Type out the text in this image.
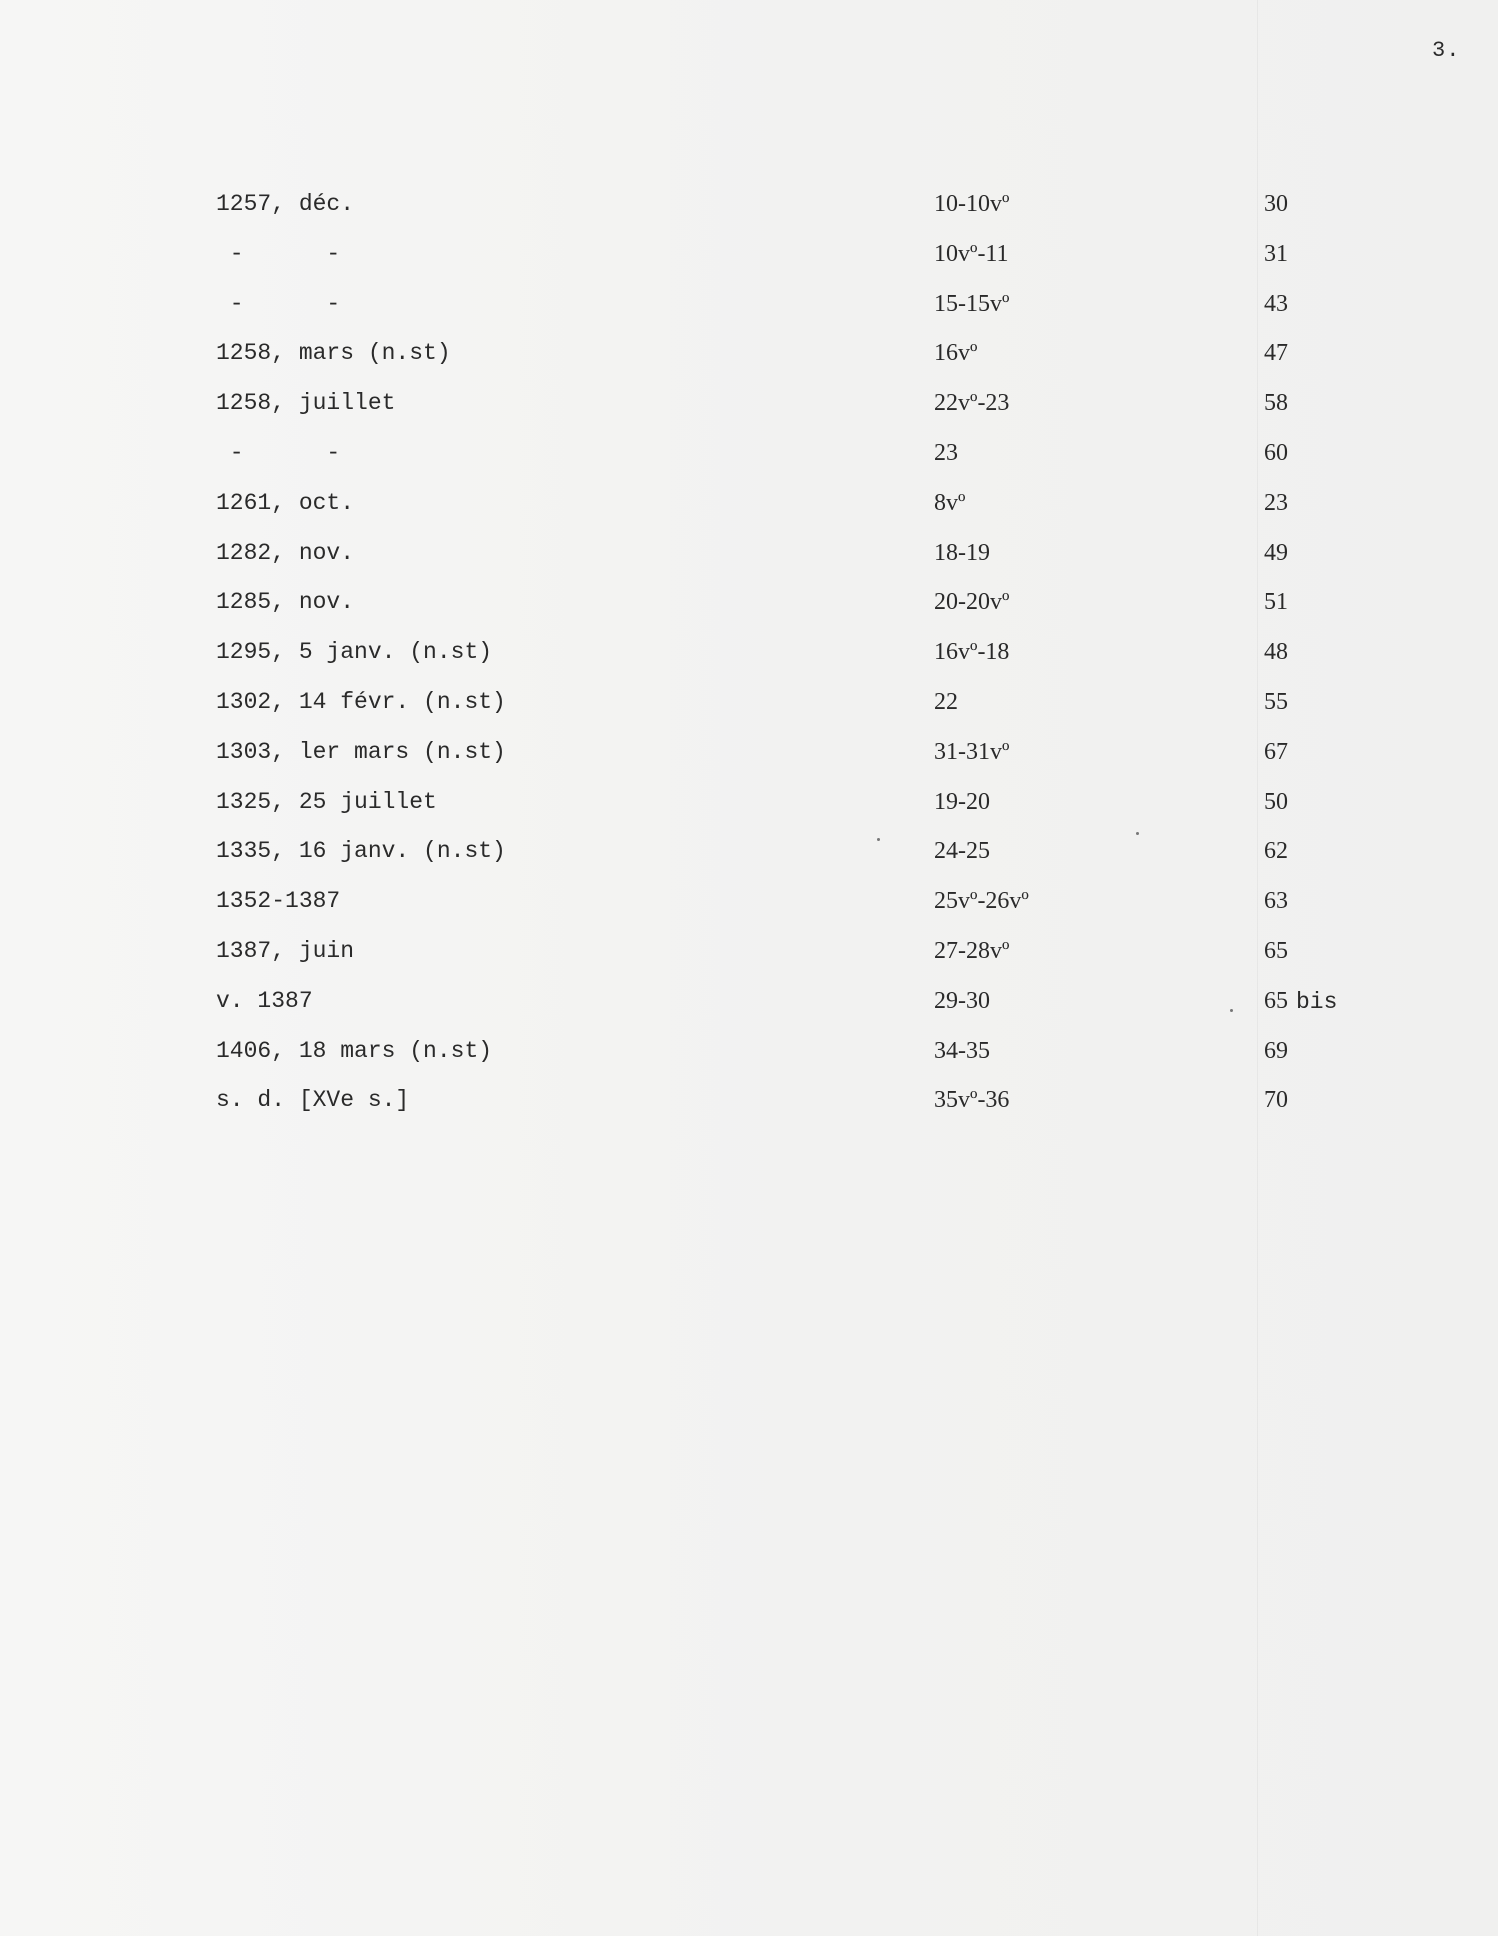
3.
1257, déc.	10-10vº	30
-      -	10vº-11	31
-      -	15-15vº	43
1258, mars (n.st)	16vº	47
1258, juillet	22vº-23	58
-      -	23	60
1261, oct.	8vº	23
1282, nov.	18-19	49
1285, nov.	20-20vº	51
1295, 5 janv. (n.st)	16vº-18	48
1302, 14 févr. (n.st)	22	55
1303, ler mars (n.st)	31-31vº	67
1325, 25 juillet	19-20	50
1335, 16 janv. (n.st)	24-25	62
1352-1387	25vº-26vº	63
1387, juin	27-28vº	65
v. 1387	29-30	65 bis
1406, 18 mars (n.st)	34-35	69
s. d. [XVe s.]	35vº-36	70
